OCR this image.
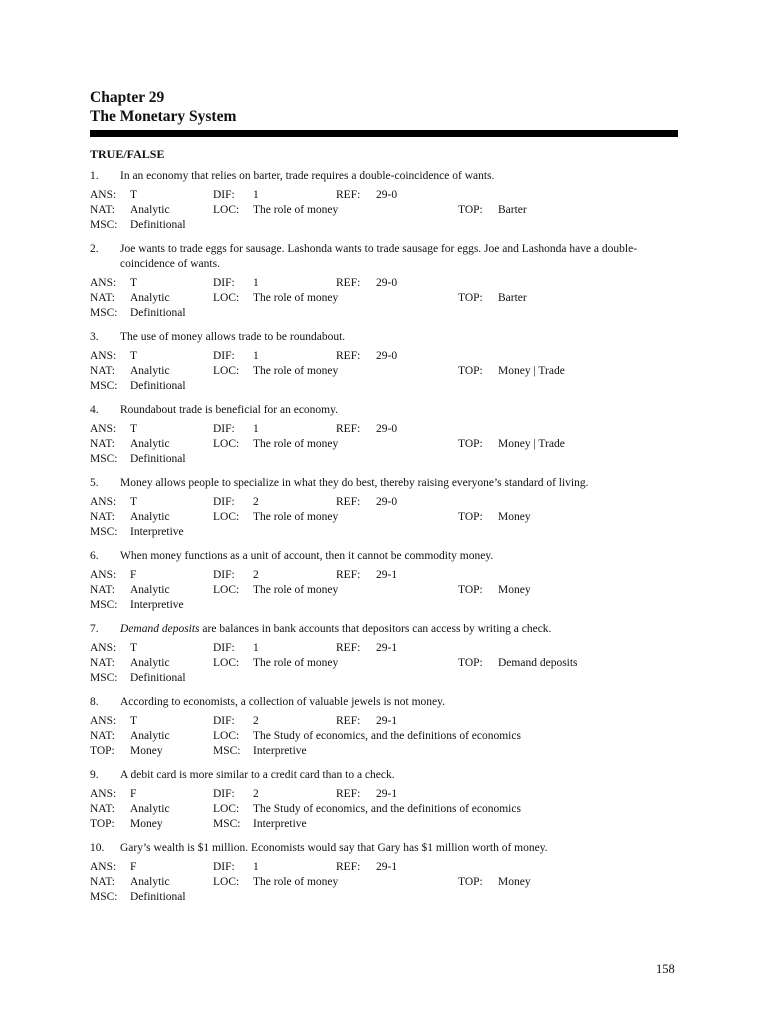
Chapter 29
The Monetary System
TRUE/FALSE
1. In an economy that relies on barter, trade requires a double-coincidence of wants.
ANS: T	DIF: 1	REF: 29-0
NAT: Analytic	LOC: The role of money	TOP: Barter
MSC: Definitional
2. Joe wants to trade eggs for sausage. Lashonda wants to trade sausage for eggs. Joe and Lashonda have a double-coincidence of wants.
ANS: T	DIF: 1	REF: 29-0
NAT: Analytic	LOC: The role of money	TOP: Barter
MSC: Definitional
3. The use of money allows trade to be roundabout.
ANS: T	DIF: 1	REF: 29-0
NAT: Analytic	LOC: The role of money	TOP: Money | Trade
MSC: Definitional
4. Roundabout trade is beneficial for an economy.
ANS: T	DIF: 1	REF: 29-0
NAT: Analytic	LOC: The role of money	TOP: Money | Trade
MSC: Definitional
5. Money allows people to specialize in what they do best, thereby raising everyone’s standard of living.
ANS: T	DIF: 2	REF: 29-0
NAT: Analytic	LOC: The role of money	TOP: Money
MSC: Interpretive
6. When money functions as a unit of account, then it cannot be commodity money.
ANS: F	DIF: 2	REF: 29-1
NAT: Analytic	LOC: The role of money	TOP: Money
MSC: Interpretive
7. Demand deposits are balances in bank accounts that depositors can access by writing a check.
ANS: T	DIF: 1	REF: 29-1
NAT: Analytic	LOC: The role of money	TOP: Demand deposits
MSC: Definitional
8. According to economists, a collection of valuable jewels is not money.
ANS: T	DIF: 2	REF: 29-1
NAT: Analytic	LOC: The Study of economics, and the definitions of economics
TOP: Money	MSC: Interpretive
9. A debit card is more similar to a credit card than to a check.
ANS: F	DIF: 2	REF: 29-1
NAT: Analytic	LOC: The Study of economics, and the definitions of economics
TOP: Money	MSC: Interpretive
10. Gary’s wealth is $1 million. Economists would say that Gary has $1 million worth of money.
ANS: F	DIF: 1	REF: 29-1
NAT: Analytic	LOC: The role of money	TOP: Money
MSC: Definitional
158
